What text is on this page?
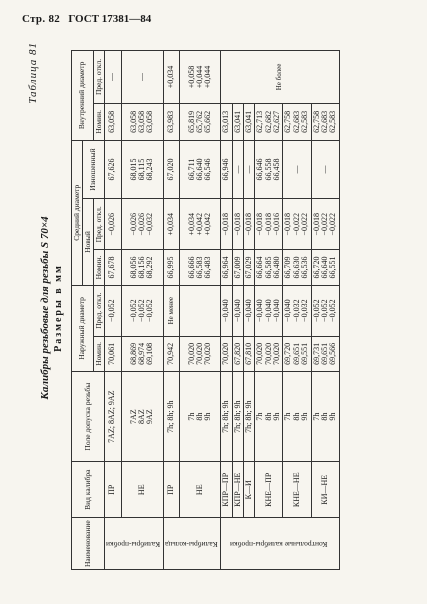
Стр. 82 ГОСТ 17381—84
Таблица 81
Калибры резьбовые для резьбы S 70×4 Размеры в мм
Наименование	Вид калибра	Поле допуска резьбы	Наружный диаметр		Средний диаметр			Внутренний диаметр	
					Новый		Изношенный		
			Номин.	Пред. откл.	Номин.	Пред. откл.		Номин.	Пред. откл.
Калибры-пробки	ПР	7AZ; 8AZ; 9AZ	70,061	−0,052	67,678	−0,026	67,626	63,058	—
	НЕ	7AZ 8AZ 9AZ	68,869 68,974 69,108	−0,052 −0,052 −0,052	68,056 68,156 68,292	−0,026 −0,026 −0,032	68,015 68,115 68,243	63,058 63,058 63,058	—
Калибры-кольца	ПР	7h; 8h; 9h	70,942	Не менее	66,995	+0,034	67,020	63,983	+0,034
	НЕ	7h 8h 9h	70,020 70,020 70,020		66,666 66,583 66,483	+0,034 +0,042 +0,042	66,711 66,640 66,546	65,819 65,762 65,662	+0,058 +0,044 +0,044

Контрольные калибры-пробки	КПР—ПР	7h; 8h; 9h	70,020	−0,040	66,964	−0,018	66,946	63,013	Не более
	КПР—НЕ	7h; 8h; 9h	67,820	−0,040	67,009	−0,018	—	63,041	
	К—И	7h; 8h; 9h	67,810	−0,040	67,029	−0,018	—	63,041	
	КНЕ—ПР	7h 8h 9h	70,020 70,020 70,020	−0,040 −0,040 −0,040	66,664 66,585 66,480	−0,018 −0,018 −0,016	66,646 66,558 66,458	62,713 62,682 62,627	

	КНЕ—НЕ	7h 8h 9h	69,720 69,651 69,551	−0,040 −0,032 −0,032	66,709 66,630 66,536	−0,018 −0,022 −0,022	—	62,758 62,683 62,583	

	КИ—НЕ	7h 8h 9h	69,731 69,651 69,566	−0,052 −0,052 −0,052	66,720 66,640 66,551	−0,018 −0,022 −0,022	—	62,758 62,683 62,583	
